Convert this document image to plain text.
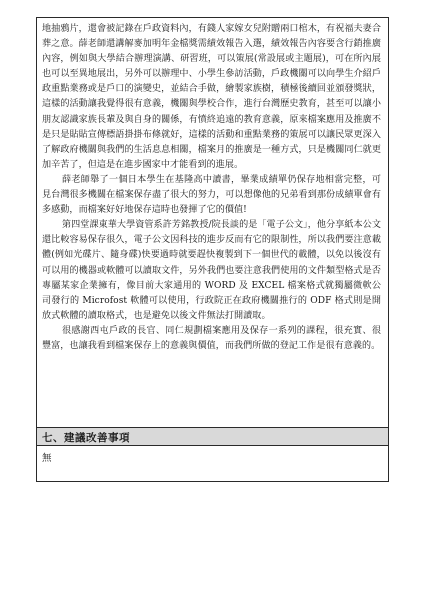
地抽鴉片，還會被記錄在戶政資料內，有錢人家嫁女兒附贈兩口棺木，有祝福夫妻合葬之意。薛老師還講解麥加明年金檔獎需績效報告入選，績效報告內容要含行銷推廣內容，例如與大學結合辦理演講、研習班，可以策展(常設展或主題展)，可在所內展也可以至異地展出，另外可以辦理中、小學生參訪活動，戶政機關可以向學生介紹戶政重點業務或是戶口的演變史，並結合手做，繪製家族樹，積極後續回並頒發獎狀，這樣的活動讓我覺得很有意義，機關與學校合作，進行台灣歷史教育，甚至可以讓小朋友認識家族長輩及與自身的關係，有憤終追遠的教育意義，原來檔案應用及推廣不是只是貼貼宣傳標語掛掛布條就好，這樣的活動和重點業務的策展可以讓民眾更深入了解政府機關與我們的生活息息相關，檔案月的推廣是一種方式，只是機關同仁就更加辛苦了，但這是在進步國家中才能看到的進展。

薛老師舉了一個日本學生在基隆高中讀書，畢業成績單仍保存地相當完整，可見台灣很多機關在檔案保存盡了很大的努力，可以想像他的兄弟看到那份成績單會有多感動，而檔案好好地保存這時也發揮了它的價值!

第四堂課東華大學資管系許芳銘教授/院長談的是「電子公文」，他分享紙本公文還比較容易保存很久，電子公文因科技的進步反而有它的限制性，所以我們要注意載體(例如光碟片、隨身碟)快要過時就要趕快複製到下一個世代的載體，以免以後沒有可以用的機器或軟體可以讀取文件，另外我們也要注意我們使用的文件類型格式是否專屬某家企業擁有，像目前大家通用的 WORD 及 EXCEL 檔案格式就獨屬微軟公司發行的 Microfost 軟體可以使用，行政院正在政府機關推行的 ODF 格式則是開放式軟體的讀取格式，也是避免以後文件無法打開讀取。

很感謝西屯戶政的長官、同仁規劃檔案應用及保存一系列的課程，很充實、很豐富，也讓我看到檔案保存上的意義與價值，而我們所做的登記工作是很有意義的。

七、建議改善事項
無
